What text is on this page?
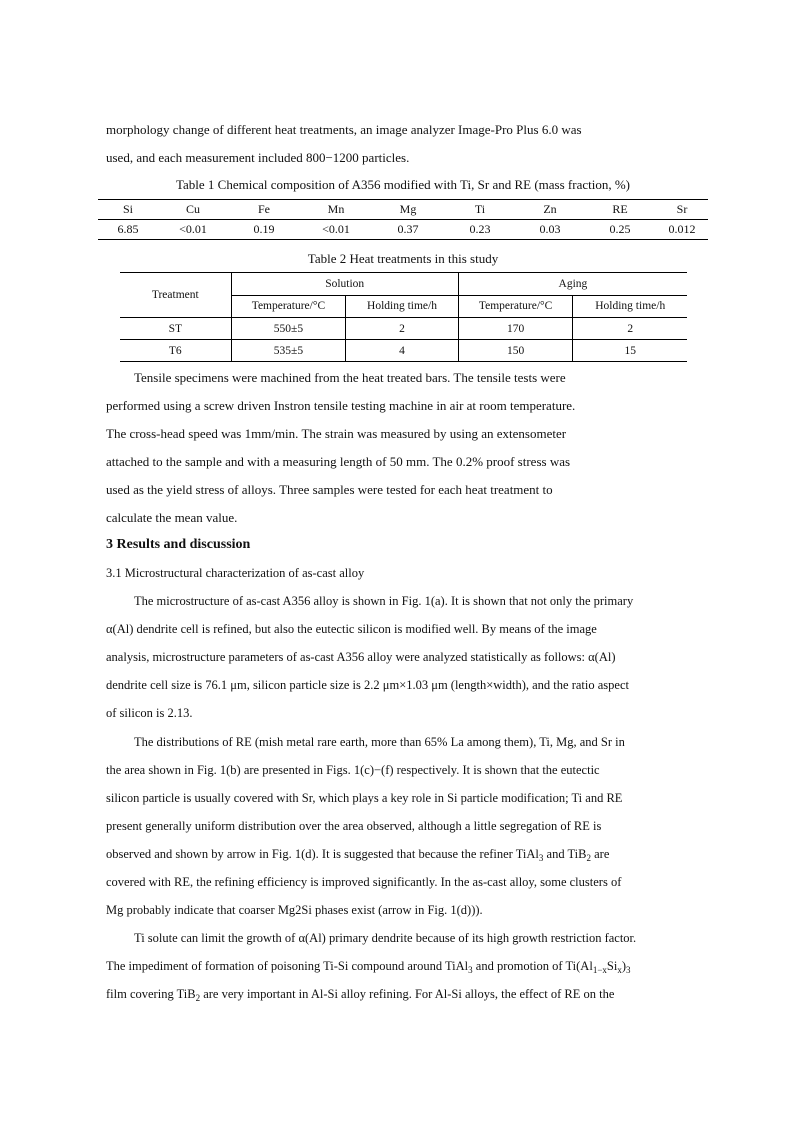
morphology change of different heat treatments, an image analyzer Image-Pro Plus 6.0 was

used, and each measurement included 800−1200 particles.

Table 1 Chemical composition of A356 modified with Ti, Sr and RE (mass fraction, %)

Si	Cu	Fe	Mn	Mg	Ti	Zn	RE	Sr
6.85	<0.01	0.19	<0.01	0.37	0.23	0.03	0.25	0.012

Table 2 Heat treatments in this study

Treatment	Solution		Aging	
	Temperature/°C	Holding time/h	Temperature/°C	Holding time/h
ST	550±5	2	170	2
T6	535±5	4	150	15

Tensile specimens were machined from the heat treated bars. The tensile tests were

performed using a screw driven Instron tensile testing machine in air at room temperature.

The cross-head speed was 1mm/min. The strain was measured by using an extensometer

attached to the sample and with a measuring length of 50 mm. The 0.2% proof stress was

used as the yield stress of alloys. Three samples were tested for each heat treatment to

calculate the mean value.

3 Results and discussion

3.1 Microstructural characterization of as-cast alloy

The microstructure of as-cast A356 alloy is shown in Fig. 1(a). It is shown that not only the primary

α(Al) dendrite cell is refined, but also the eutectic silicon is modified well. By means of the image

analysis, microstructure parameters of as-cast A356 alloy were analyzed statistically as follows: α(Al)

dendrite cell size is 76.1 μm, silicon particle size is 2.2 μm×1.03 μm (length×width), and the ratio aspect

of silicon is 2.13.

The distributions of RE (mish metal rare earth, more than 65% La among them), Ti, Mg, and Sr in

the area shown in Fig. 1(b) are presented in Figs. 1(c)−(f) respectively. It is shown that the eutectic

silicon particle is usually covered with Sr, which plays a key role in Si particle modification; Ti and RE

present generally uniform distribution over the area observed, although a little segregation of RE is

observed and shown by arrow in Fig. 1(d). It is suggested that because the refiner TiAl$_3$ and TiB$_2$ are

covered with RE, the refining efficiency is improved significantly. In the as-cast alloy, some clusters of

Mg probably indicate that coarser Mg2Si phases exist (arrow in Fig. 1(d))).

Ti solute can limit the growth of α(Al) primary dendrite because of its high growth restriction factor.

The impediment of formation of poisoning Ti-Si compound around TiAl$_3$ and promotion of $Ti(Al_{1-x}Si_x)_3$

film covering TiB$_2$ are very important in Al-Si alloy refining. For Al-Si alloys, the effect of RE on the
